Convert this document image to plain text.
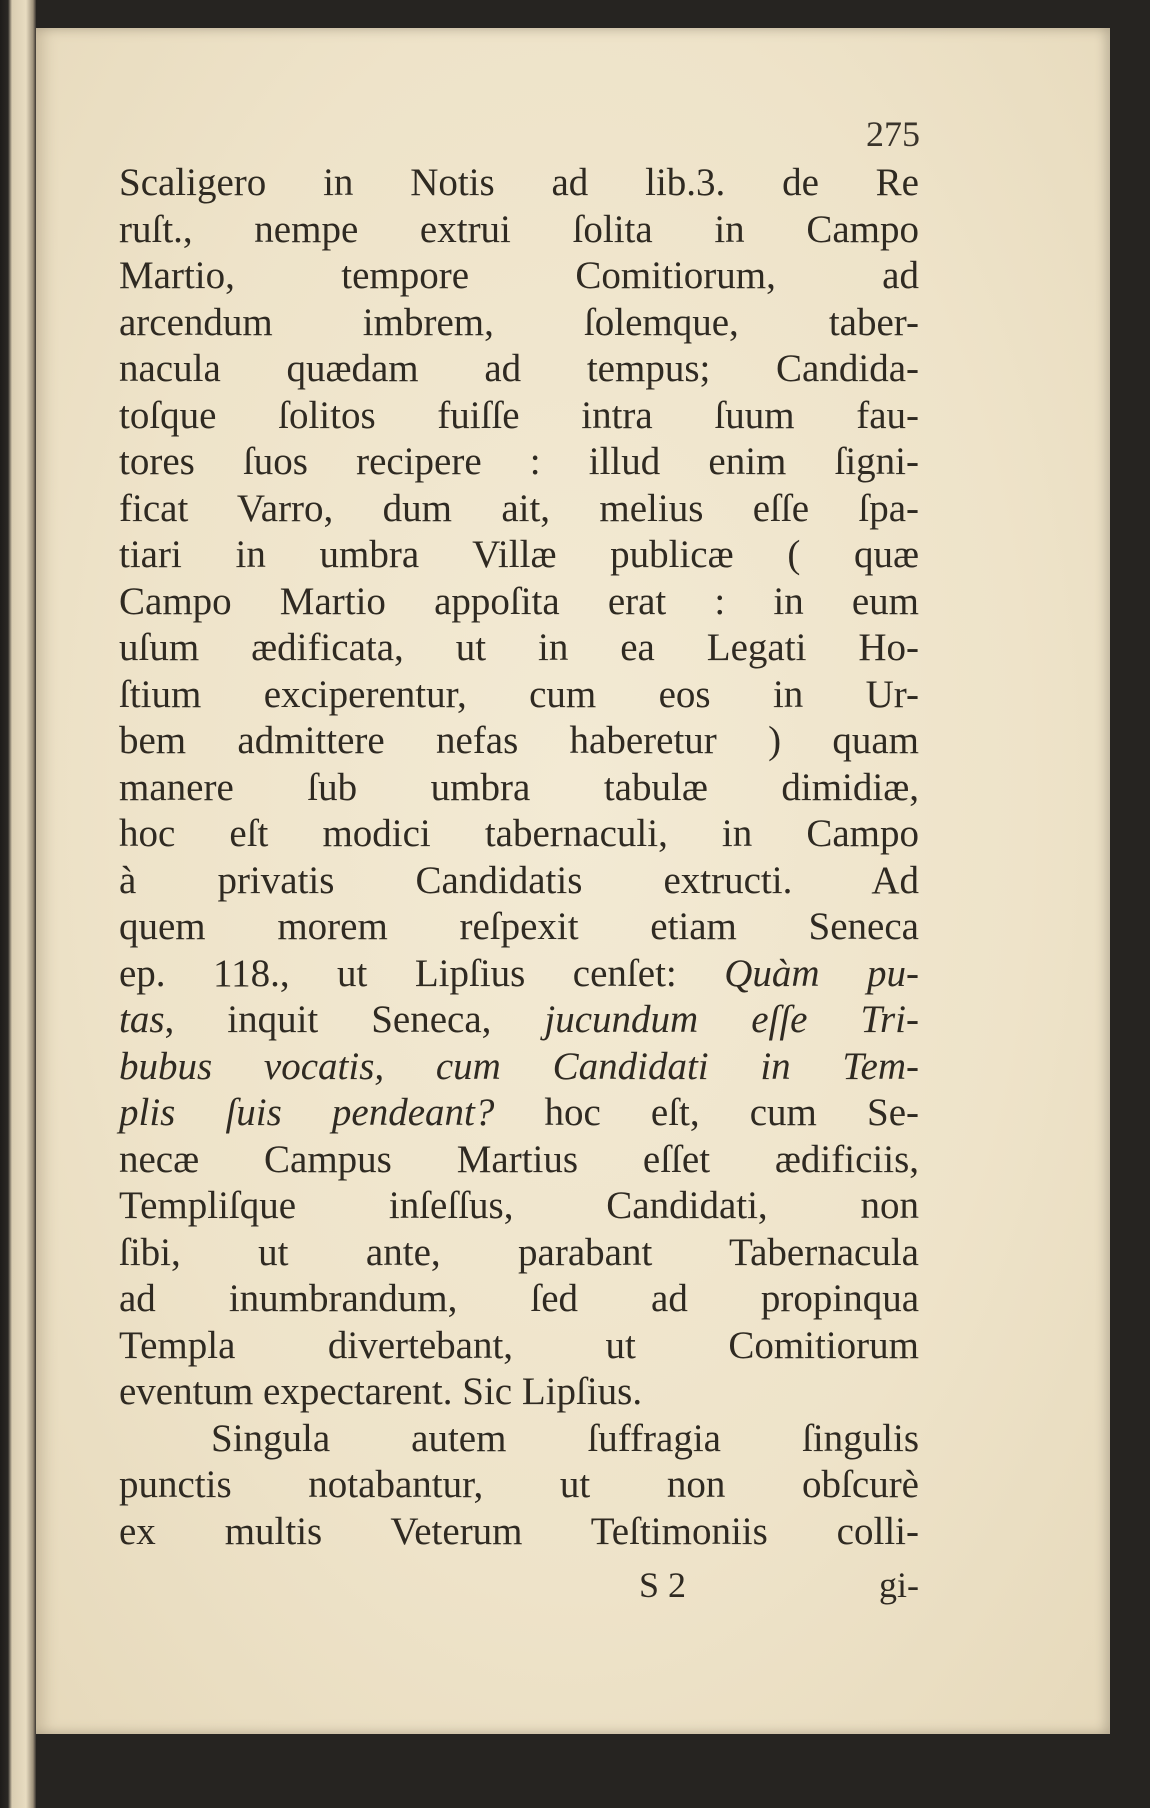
275
Scaligero in Notis ad lib.3. de Re
ruſt., nempe extrui ſolita in Campo
Martio, tempore Comitiorum, ad
arcendum imbrem, ſolemque, taber-
nacula quædam ad tempus; Candida-
toſque ſolitos fuiſſe intra ſuum fau-
tores ſuos recipere : illud enim ſigni-
ficat Varro, dum ait, melius eſſe ſpa-
tiari in umbra Villæ publicæ ( quæ
Campo Martio appoſita erat : in eum
uſum ædificata, ut in ea Legati Ho-
ſtium exciperentur, cum eos in Ur-
bem admittere nefas haberetur ) quam
manere ſub umbra tabulæ dimidiæ,
hoc eſt modici tabernaculi, in Campo
à privatis Candidatis extructi. Ad
quem morem reſpexit etiam Seneca
ep. 118., ut Lipſius cenſet: Quàm pu-
tas, inquit Seneca, jucundum eſſe Tri-
bubus vocatis, cum Candidati in Tem-
plis ſuis pendeant? hoc eſt, cum Se-
necæ Campus Martius eſſet ædificiis,
Templiſque inſeſſus, Candidati, non
ſibi, ut ante, parabant Tabernacula
ad inumbrandum, ſed ad propinqua
Templa divertebant, ut Comitiorum
eventum expectarent. Sic Lipſius.
Singula autem ſuffragia ſingulis
punctis notabantur, ut non obſcurè
ex multis Veterum Teſtimoniis colli-
S 2	gi-
